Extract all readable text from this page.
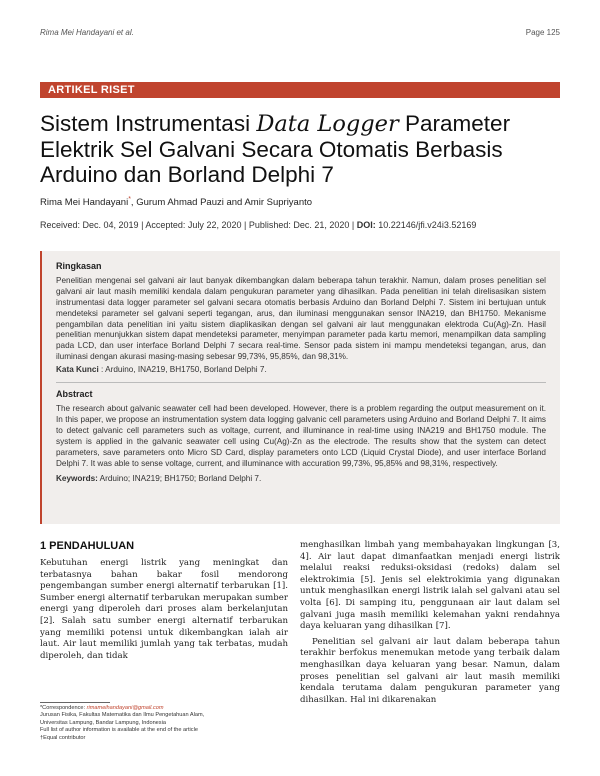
Rima Mei Handayani et al.	Page 125
ARTIKEL RISET
Sistem Instrumentasi Data Logger Parameter Elektrik Sel Galvani Secara Otomatis Berbasis Arduino dan Borland Delphi 7
Rima Mei Handayani*, Gurum Ahmad Pauzi and Amir Supriyanto
Received: Dec. 04, 2019 | Accepted: July 22, 2020 | Published: Dec. 21, 2020 | DOI: 10.22146/jfi.v24i3.52169
Ringkasan
Penelitian mengenai sel galvani air laut banyak dikembangkan dalam beberapa tahun terakhir. Namun, dalam proses penelitian sel galvani air laut masih memiliki kendala dalam pengukuran parameter yang dihasilkan. Pada penelitian ini telah direlisasikan sistem instrumentasi data logger parameter sel galvani secara otomatis berbasis Arduino dan Borland Delphi 7. Sistem ini bertujuan untuk mendeteksi parameter sel galvani seperti tegangan, arus, dan iluminasi menggunakan sensor INA219, dan BH1750. Mekanisme pengambilan data penelitian ini yaitu sistem diaplikasikan dengan sel galvani air laut menggunakan elektroda Cu(Ag)-Zn. Hasil penelitian menunjukkan sistem dapat mendeteksi parameter, menyimpan parameter pada kartu memori, menampilkan data sampling pada LCD, dan user interface Borland Delphi 7 secara real-time. Sensor pada sistem ini mampu mendeteksi tegangan, arus, dan iluminasi dengan akurasi masing-masing sebesar 99,73%, 95,85%, dan 98,31%.
Kata Kunci : Arduino, INA219, BH1750, Borland Delphi 7.
Abstract
The research about galvanic seawater cell had been developed. However, there is a problem regarding the output measurement on it. In this paper, we propose an instrumentation system data logging galvanic cell parameters using Arduino and Borland Delphi 7. It aims to detect galvanic cell parameters such as voltage, current, and illuminance in real-time using INA219 and BH1750 module. The system is applied in the galvanic seawater cell using Cu(Ag)-Zn as the electrode. The results show that the system can detect parameters, save parameters onto Micro SD Card, display parameters onto LCD (Liquid Crystal Diode), and user interface Borland Delphi 7. It was able to sense voltage, current, and illuminance with accuration 99,73%, 95,85% and 98,31%, respectively.
Keywords: Arduino; INA219; BH1750; Borland Delphi 7.
1 PENDAHULUAN

Kebutuhan energi listrik yang meningkat dan terbatasnya bahan bakar fosil mendorong pengembangan sumber energi alternatif terbarukan [1]. Sumber energi alternatif terbarukan merupakan sumber energi yang diperoleh dari proses alam berkelanjutan [2]. Salah satu sumber energi alternatif terbarukan yang memiliki potensi untuk dikembangkan ialah air laut. Air laut memiliki jumlah yang tak terbatas, mudah diperoleh, dan tidak

menghasilkan limbah yang membahayakan lingkungan [3, 4]. Air laut dapat dimanfaatkan menjadi energi listrik melalui reaksi reduksi-oksidasi (redoks) dalam sel elektrokimia [5]. Jenis sel elektrokimia yang digunakan untuk menghasilkan energi listrik ialah sel galvani atau sel volta [6]. Di samping itu, penggunaan air laut dalam sel galvani juga masih memiliki kelemahan yakni rendahnya daya keluaran yang dihasilkan [7].

Penelitian sel galvani air laut dalam beberapa tahun terakhir berfokus menemukan metode yang terbaik dalam menghasilkan daya keluaran yang besar. Namun, dalam proses penelitian sel galvani air laut masih memiliki kendala terutama dalam pengukuran parameter yang dihasilkan. Hal ini dikarenakan

*Correspondence: rimameihandayani@gmail.com
Jurusan Fisika, Fakultas Matematika dan Ilmu Pengetahuan Alam,
Universitas Lampung, Bandar Lampung, Indonesia
Full list of author information is available at the end of the article
†Equal contributor
